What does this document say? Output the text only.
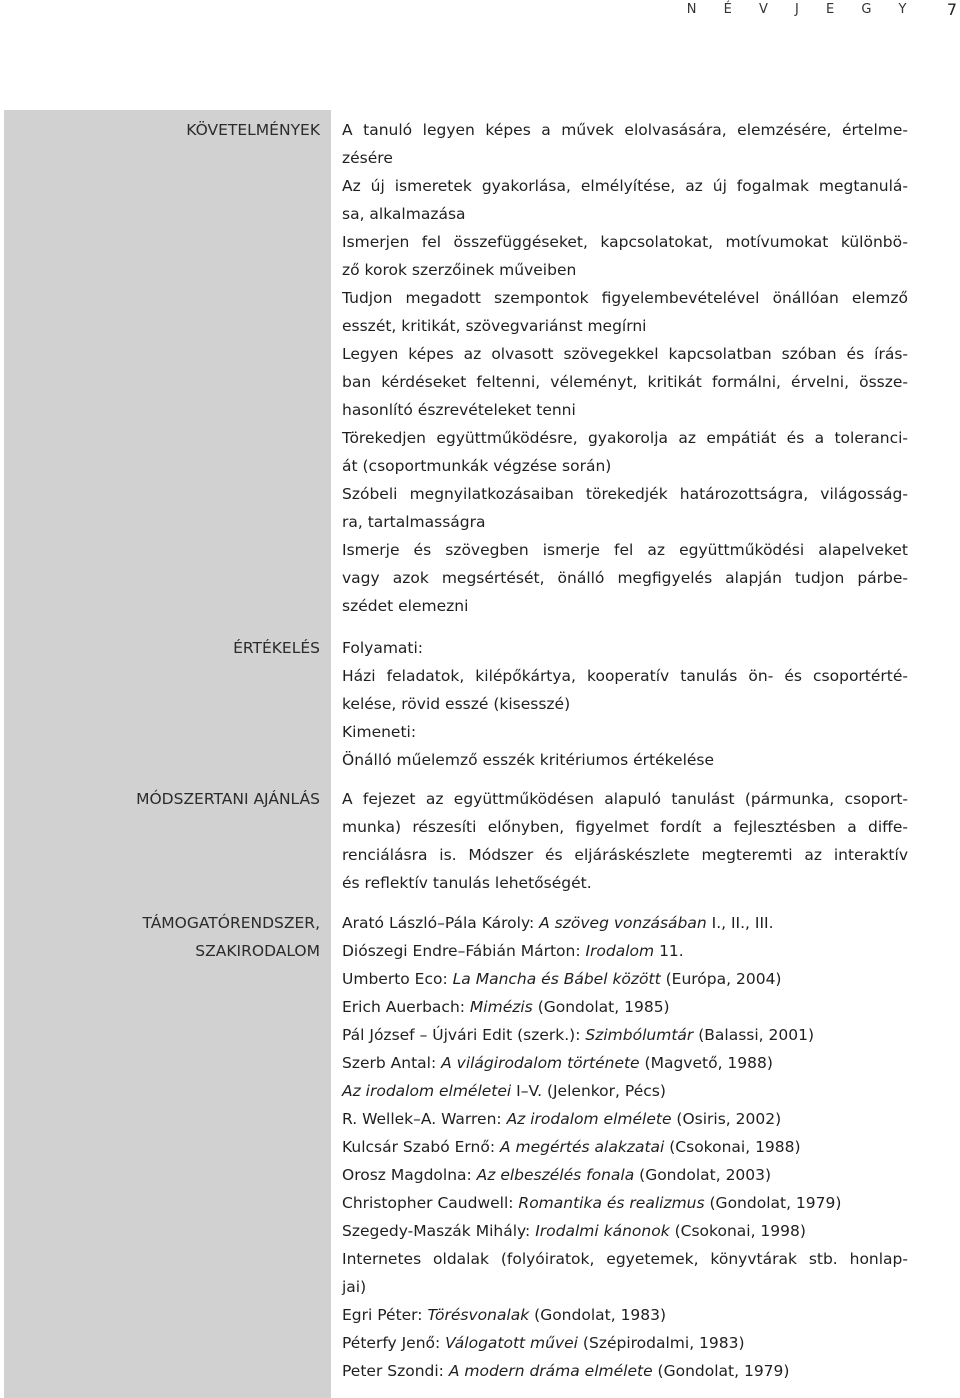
N É V J E G Y 7
KÖVETELMÉNYEK
ÉRTÉKELÉS
MÓDSZERTANI AJÁNLÁS
TÁMOGATÓRENDSZER,
SZAKIRODALOM
A tanuló legyen képes a művek elolvasására, elemzésére, értelme-
zésére
Az új ismeretek gyakorlása, elmélyítése, az új fogalmak megtanulá-
sa, alkalmazása
Ismerjen fel összefüggéseket, kapcsolatokat, motívumokat különbö-
ző korok szerzőinek műveiben
Tudjon megadott szempontok figyelembevételével önállóan elemző
esszét, kritikát, szövegvariánst megírni
Legyen képes az olvasott szövegekkel kapcsolatban szóban és írás-
ban kérdéseket feltenni, véleményt, kritikát formálni, érvelni, össze-
hasonlító észrevételeket tenni
Törekedjen együttműködésre, gyakorolja az empátiát és a toleranci-
át (csoportmunkák végzése során)
Szóbeli megnyilatkozásaiban törekedjék határozottságra, világosság-
ra, tartalmasságra
Ismerje és szövegben ismerje fel az együttműködési alapelveket
vagy azok megsértését, önálló megfigyelés alapján tudjon párbe-
szédet elemezni
Folyamati:
Házi feladatok, kilépőkártya, kooperatív tanulás ön- és csoportérté-
kelése, rövid esszé (kisesszé)
Kimeneti:
Önálló műelemző esszék kritériumos értékelése
A fejezet az együttműködésen alapuló tanulást (pármunka, csoport-
munka) részesíti előnyben, figyelmet fordít a fejlesztésben a diffe-
renciálásra is. Módszer és eljáráskészlete megteremti az interaktív
és reflektív tanulás lehetőségét.
Arató László–Pála Károly: A szöveg vonzásában I., II., III.
Diószegi Endre–Fábián Márton: Irodalom 11.
Umberto Eco: La Mancha és Bábel között (Európa, 2004)
Erich Auerbach: Mimézis (Gondolat, 1985)
Pál József – Újvári Edit (szerk.): Szimbólumtár (Balassi, 2001)
Szerb Antal: A világirodalom története (Magvető, 1988)
Az irodalom elméletei I–V. (Jelenkor, Pécs)
R. Wellek–A. Warren: Az irodalom elmélete (Osiris, 2002)
Kulcsár Szabó Ernő: A megértés alakzatai (Csokonai, 1988)
Orosz Magdolna: Az elbeszélés fonala (Gondolat, 2003)
Christopher Caudwell: Romantika és realizmus (Gondolat, 1979)
Szegedy-Maszák Mihály: Irodalmi kánonok (Csokonai, 1998)
Internetes oldalak (folyóiratok, egyetemek, könyvtárak stb. honlap-
jai)
Egri Péter: Törésvonalak (Gondolat, 1983)
Péterfy Jenő: Válogatott művei (Szépirodalmi, 1983)
Peter Szondi: A modern dráma elmélete (Gondolat, 1979)
